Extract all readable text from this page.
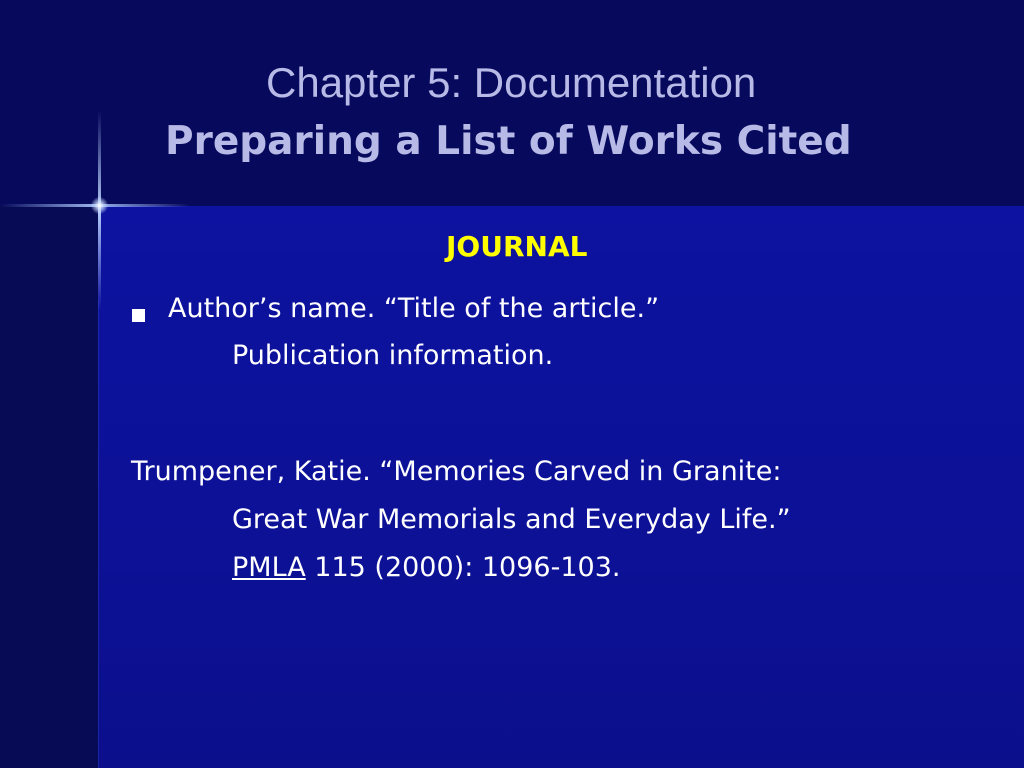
Chapter 5: Documentation
Preparing a List of Works Cited
JOURNAL
Author’s name. “Title of the article.”
Publication information.
Trumpener, Katie. “Memories Carved in Granite:
Great War Memorials and Everyday Life.”
PMLA 115 (2000): 1096-103.
